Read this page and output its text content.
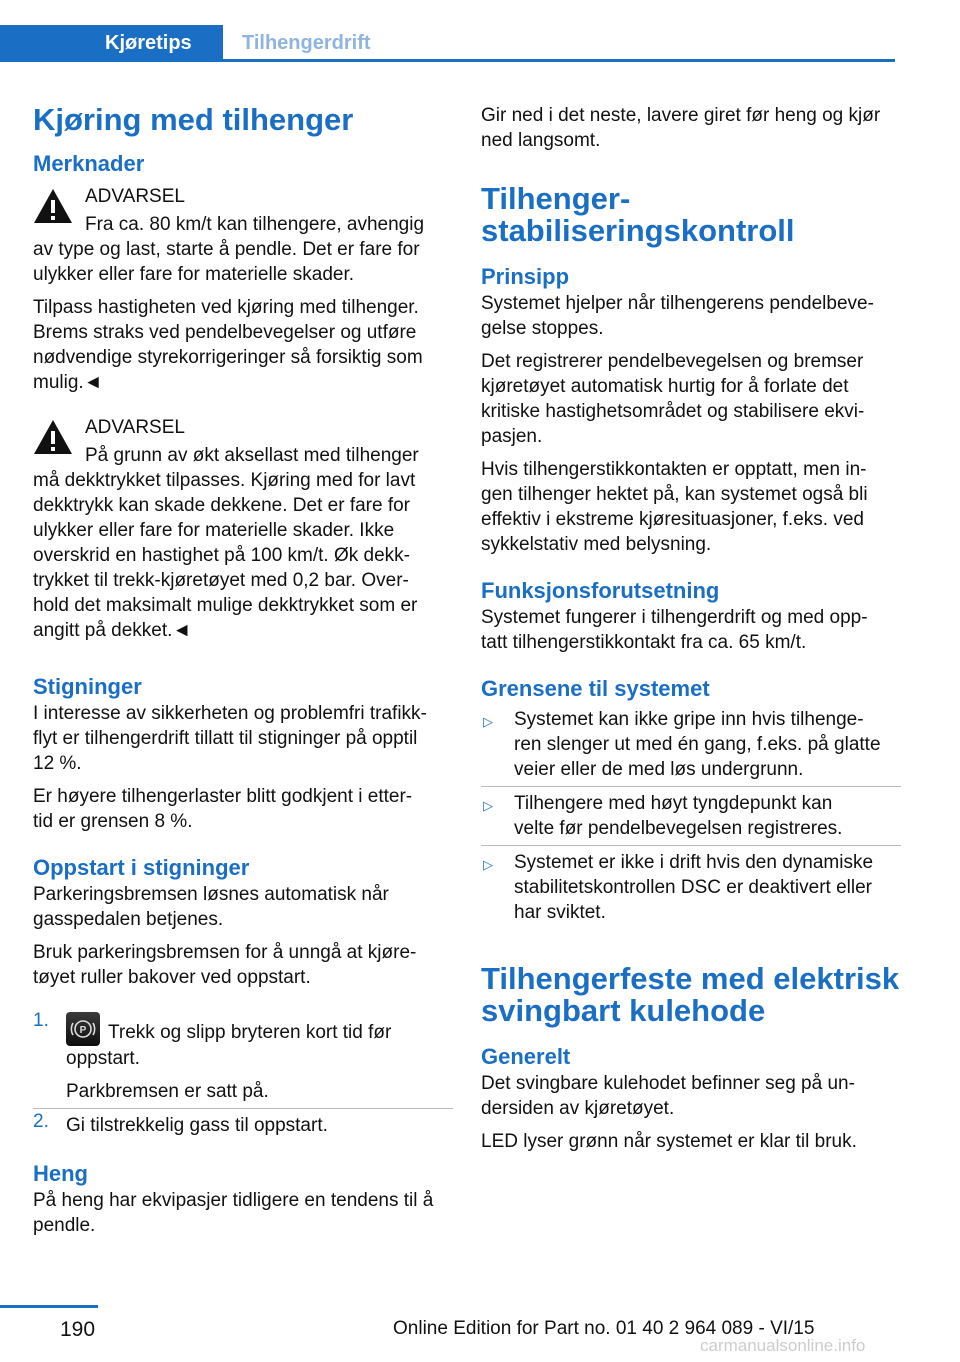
Kjøretips	Tilhengerdrift
Kjøring med tilhenger
Merknader

ADVARSEL

Fra ca. 80 km/t kan tilhengere, avhengig

av type og last, starte å pendle. Det er fare for

ulykker eller fare for materielle skader.

Tilpass hastigheten ved kjøring med tilhenger.

Brems straks ved pendelbevegelser og utføre

nødvendige styrekorrigeringer så forsiktig som

mulig.◄

ADVARSEL

På grunn av økt aksellast med tilhenger

må dekktrykket tilpasses. Kjøring med for lavt

dekktrykk kan skade dekkene. Det er fare for

ulykker eller fare for materielle skader. Ikke

overskrid en hastighet på 100 km/t. Øk dekk-

trykket til trekk-kjøretøyet med 0,2 bar. Over-

hold det maksimalt mulige dekktrykket som er

angitt på dekket.◄

Stigninger

I interesse av sikkerheten og problemfri trafikk-

flyt er tilhengerdrift tillatt til stigninger på opptil

12 %.

Er høyere tilhengerlaster blitt godkjent i etter-

tid er grensen 8 %.

Oppstart i stigninger

Parkeringsbremsen løsnes automatisk når

gasspedalen betjenes.

Bruk parkeringsbremsen for å unngå at kjøre-

tøyet ruller bakover ved oppstart.

1.	P Trekk og slipp bryteren kort tid før
oppstart.
Parkbremsen er satt på.
2. Gi tilstrekkelig gass til oppstart.
Heng

På heng har ekvipasjer tidligere en tendens til å

pendle.

Gir ned i det neste, lavere giret før heng og kjør

ned langsomt.

Tilhenger-
stabiliseringskontroll
Prinsipp

Systemet hjelper når tilhengerens pendelbeve-

gelse stoppes.

Det registrerer pendelbevegelsen og bremser

kjøretøyet automatisk hurtig for å forlate det

kritiske hastighetsområdet og stabilisere ekvi-

pasjen.

Hvis tilhengerstikkontakten er opptatt, men in-

gen tilhenger hektet på, kan systemet også bli

effektiv i ekstreme kjøresituasjoner, f.eks. ved

sykkelstativ med belysning.

Funksjonsforutsetning

Systemet fungerer i tilhengerdrift og med opp-

tatt tilhengerstikkontakt fra ca. 65 km/t.

Grensene til systemet
▷ Systemet kan ikke gripe inn hvis tilhenge-
ren slenger ut med én gang, f.eks. på glatte
veier eller de med løs undergrunn.
▷ Tilhengere med høyt tyngdepunkt kan
velte før pendelbevegelsen registreres.
▷ Systemet er ikke i drift hvis den dynamiske
stabilitetskontrollen DSC er deaktivert eller
har sviktet.
Tilhengerfeste med elektrisk
svingbart kulehode
Generelt

Det svingbare kulehodet befinner seg på un-

dersiden av kjøretøyet.

LED lyser grønn når systemet er klar til bruk.

190	Online Edition for Part no. 01 40 2 964 089 - VI/15
carmanualsonline.info
